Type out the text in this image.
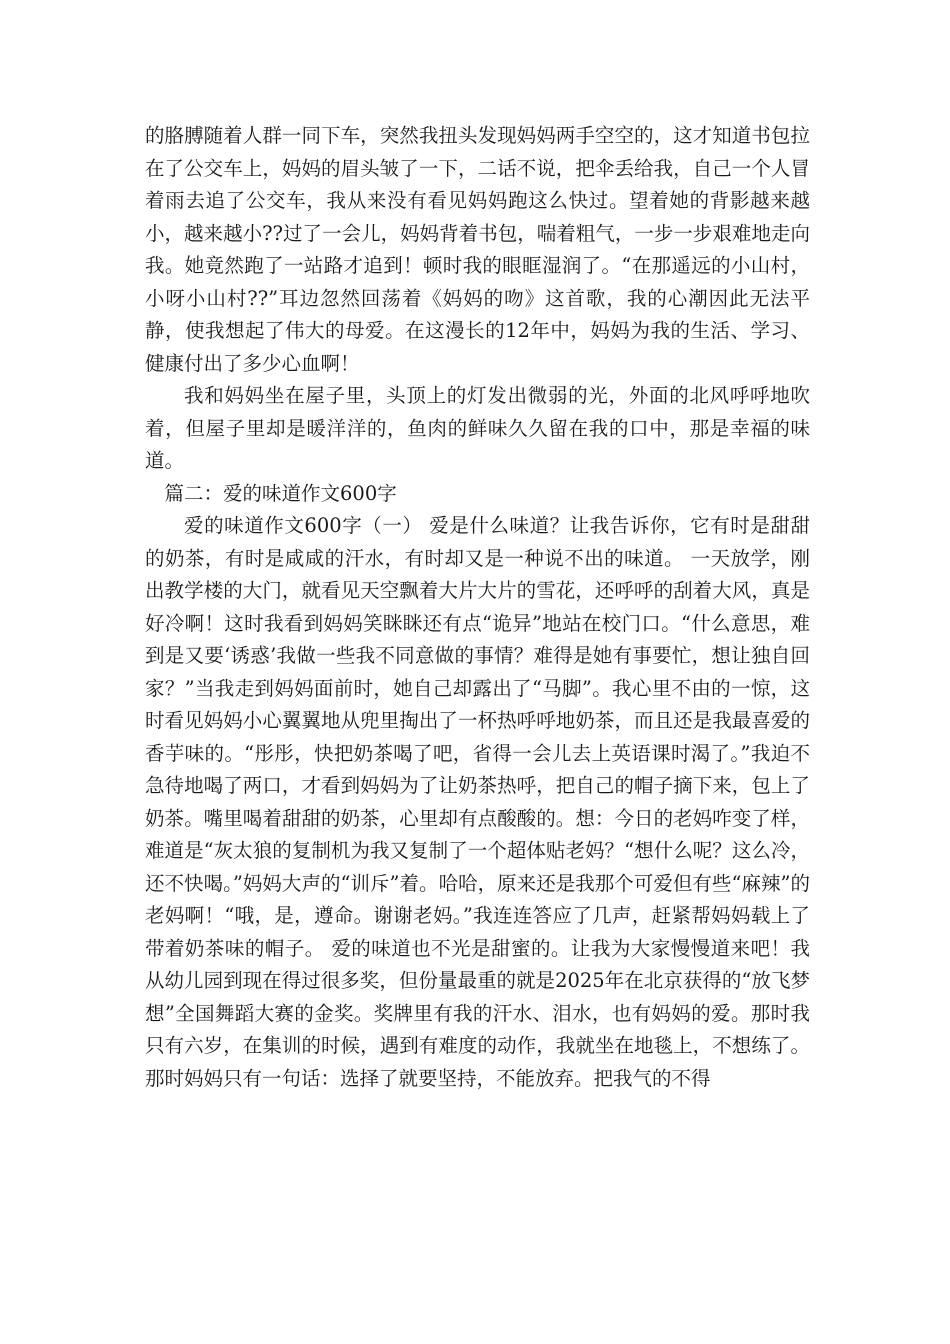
的胳膊随着人群一同下车，突然我扭头发现妈妈两手空空的，这才知道书包拉在了公交车上，妈妈的眉头皱了一下，二话不说，把伞丢给我，自己一个人冒着雨去追了公交车，我从来没有看见妈妈跑这么快过。望着她的背影越来越小，越来越小??过了一会儿，妈妈背着书包，喘着粗气，一步一步艰难地走向我。她竟然跑了一站路才追到！顿时我的眼眶湿润了。“在那遥远的小山村，小呀小山村??”耳边忽然回荡着《妈妈的吻》这首歌，我的心潮因此无法平静，使我想起了伟大的母爱。在这漫长的12年中，妈妈为我的生活、学习、健康付出了多少心血啊！

我和妈妈坐在屋子里，头顶上的灯发出微弱的光，外面的北风呼呼地吹着，但屋子里却是暖洋洋的，鱼肉的鲜味久久留在我的口中，那是幸福的味道。

篇二：爱的味道作文600字

爱的味道作文600字（一） 爱是什么味道？让我告诉你，它有时是甜甜的奶茶，有时是咸咸的汗水，有时却又是一种说不出的味道。 一天放学，刚出教学楼的大门，就看见天空飘着大片大片的雪花，还呼呼的刮着大风，真是好冷啊！这时我看到妈妈笑眯眯还有点“诡异”地站在校门口。“什么意思，难到是又要‘诱惑’我做一些我不同意做的事情？难得是她有事要忙，想让独自回家？”当我走到妈妈面前时，她自己却露出了“马脚”。我心里不由的一惊，这时看见妈妈小心翼翼地从兜里掏出了一杯热呼呼地奶茶，而且还是我最喜爱的香芋味的。“彤彤，快把奶茶喝了吧，省得一会儿去上英语课时渴了。”我迫不急待地喝了两口，才看到妈妈为了让奶茶热呼，把自己的帽子摘下来，包上了奶茶。嘴里喝着甜甜的奶茶，心里却有点酸酸的。想：今日的老妈咋变了样，难道是“灰太狼的复制机为我又复制了一个超体贴老妈？“想什么呢？这么冷，还不快喝。”妈妈大声的“训斥”着。哈哈，原来还是我那个可爱但有些“麻辣”的老妈啊！“哦，是，遵命。谢谢老妈。”我连连答应了几声，赶紧帮妈妈载上了带着奶茶味的帽子。 爱的味道也不光是甜蜜的。让我为大家慢慢道来吧！我从幼儿园到现在得过很多奖，但份量最重的就是2025年在北京获得的“放飞梦想”全国舞蹈大赛的金奖。奖牌里有我的汗水、泪水，也有妈妈的爱。那时我只有六岁，在集训的时候，遇到有难度的动作，我就坐在地毯上，不想练了。那时妈妈只有一句话：选择了就要坚持，不能放弃。把我气的不得
